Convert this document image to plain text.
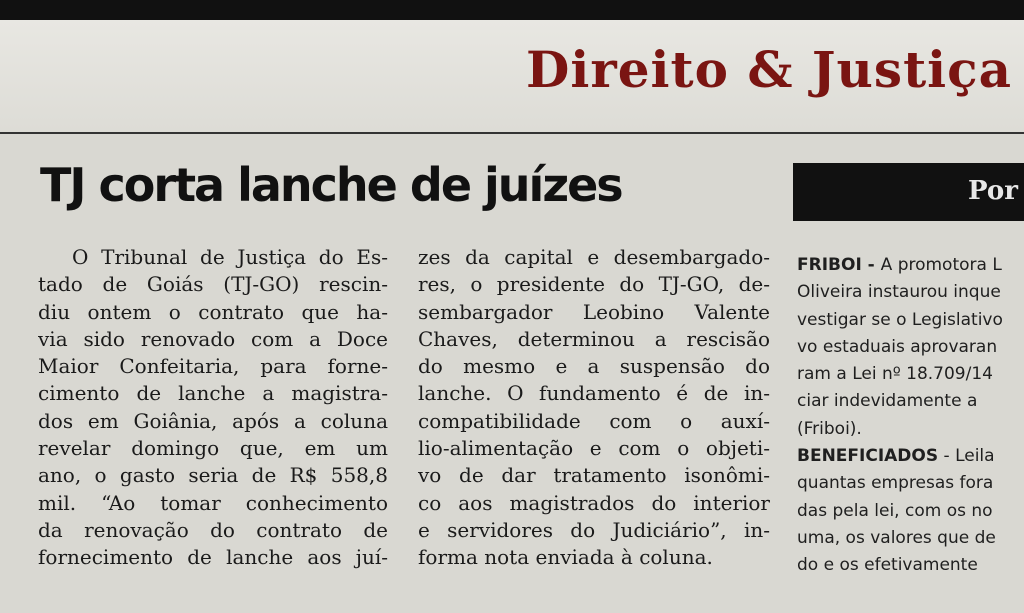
Direito & Justiça
TJ corta lanche de juízes
O Tribunal de Justiça do Es-
tado de Goiás (TJ-GO) rescin-
diu ontem o contrato que ha-
via sido renovado com a Doce
Maior Confeitaria, para forne-
cimento de lanche a magistra-
dos em Goiânia, após a coluna
revelar domingo que, em um
ano, o gasto seria de R$ 558,8
mil. “Ao tomar conhecimento
da renovação do contrato de
fornecimento de lanche aos juí-
zes da capital e desembargado-
res, o presidente do TJ-GO, de-
sembargador Leobino Valente
Chaves, determinou a rescisão
do mesmo e a suspensão do
lanche. O fundamento é de in-
compatibilidade com o auxí-
lio-alimentação e com o objeti-
vo de dar tratamento isonômi-
co aos magistrados do interior
e servidores do Judiciário”, in-
forma nota enviada à coluna.
Por
FRIBOI - A promotora L
Oliveira instaurou inque
vestigar se o Legislativo
vo estaduais aprovaran
ram a Lei nº 18.709/14
ciar indevidamente a
(Friboi).
BENEFICIADOS - Leila
quantas empresas fora
das pela lei, com os no
uma, os valores que de
do e os efetivamente
